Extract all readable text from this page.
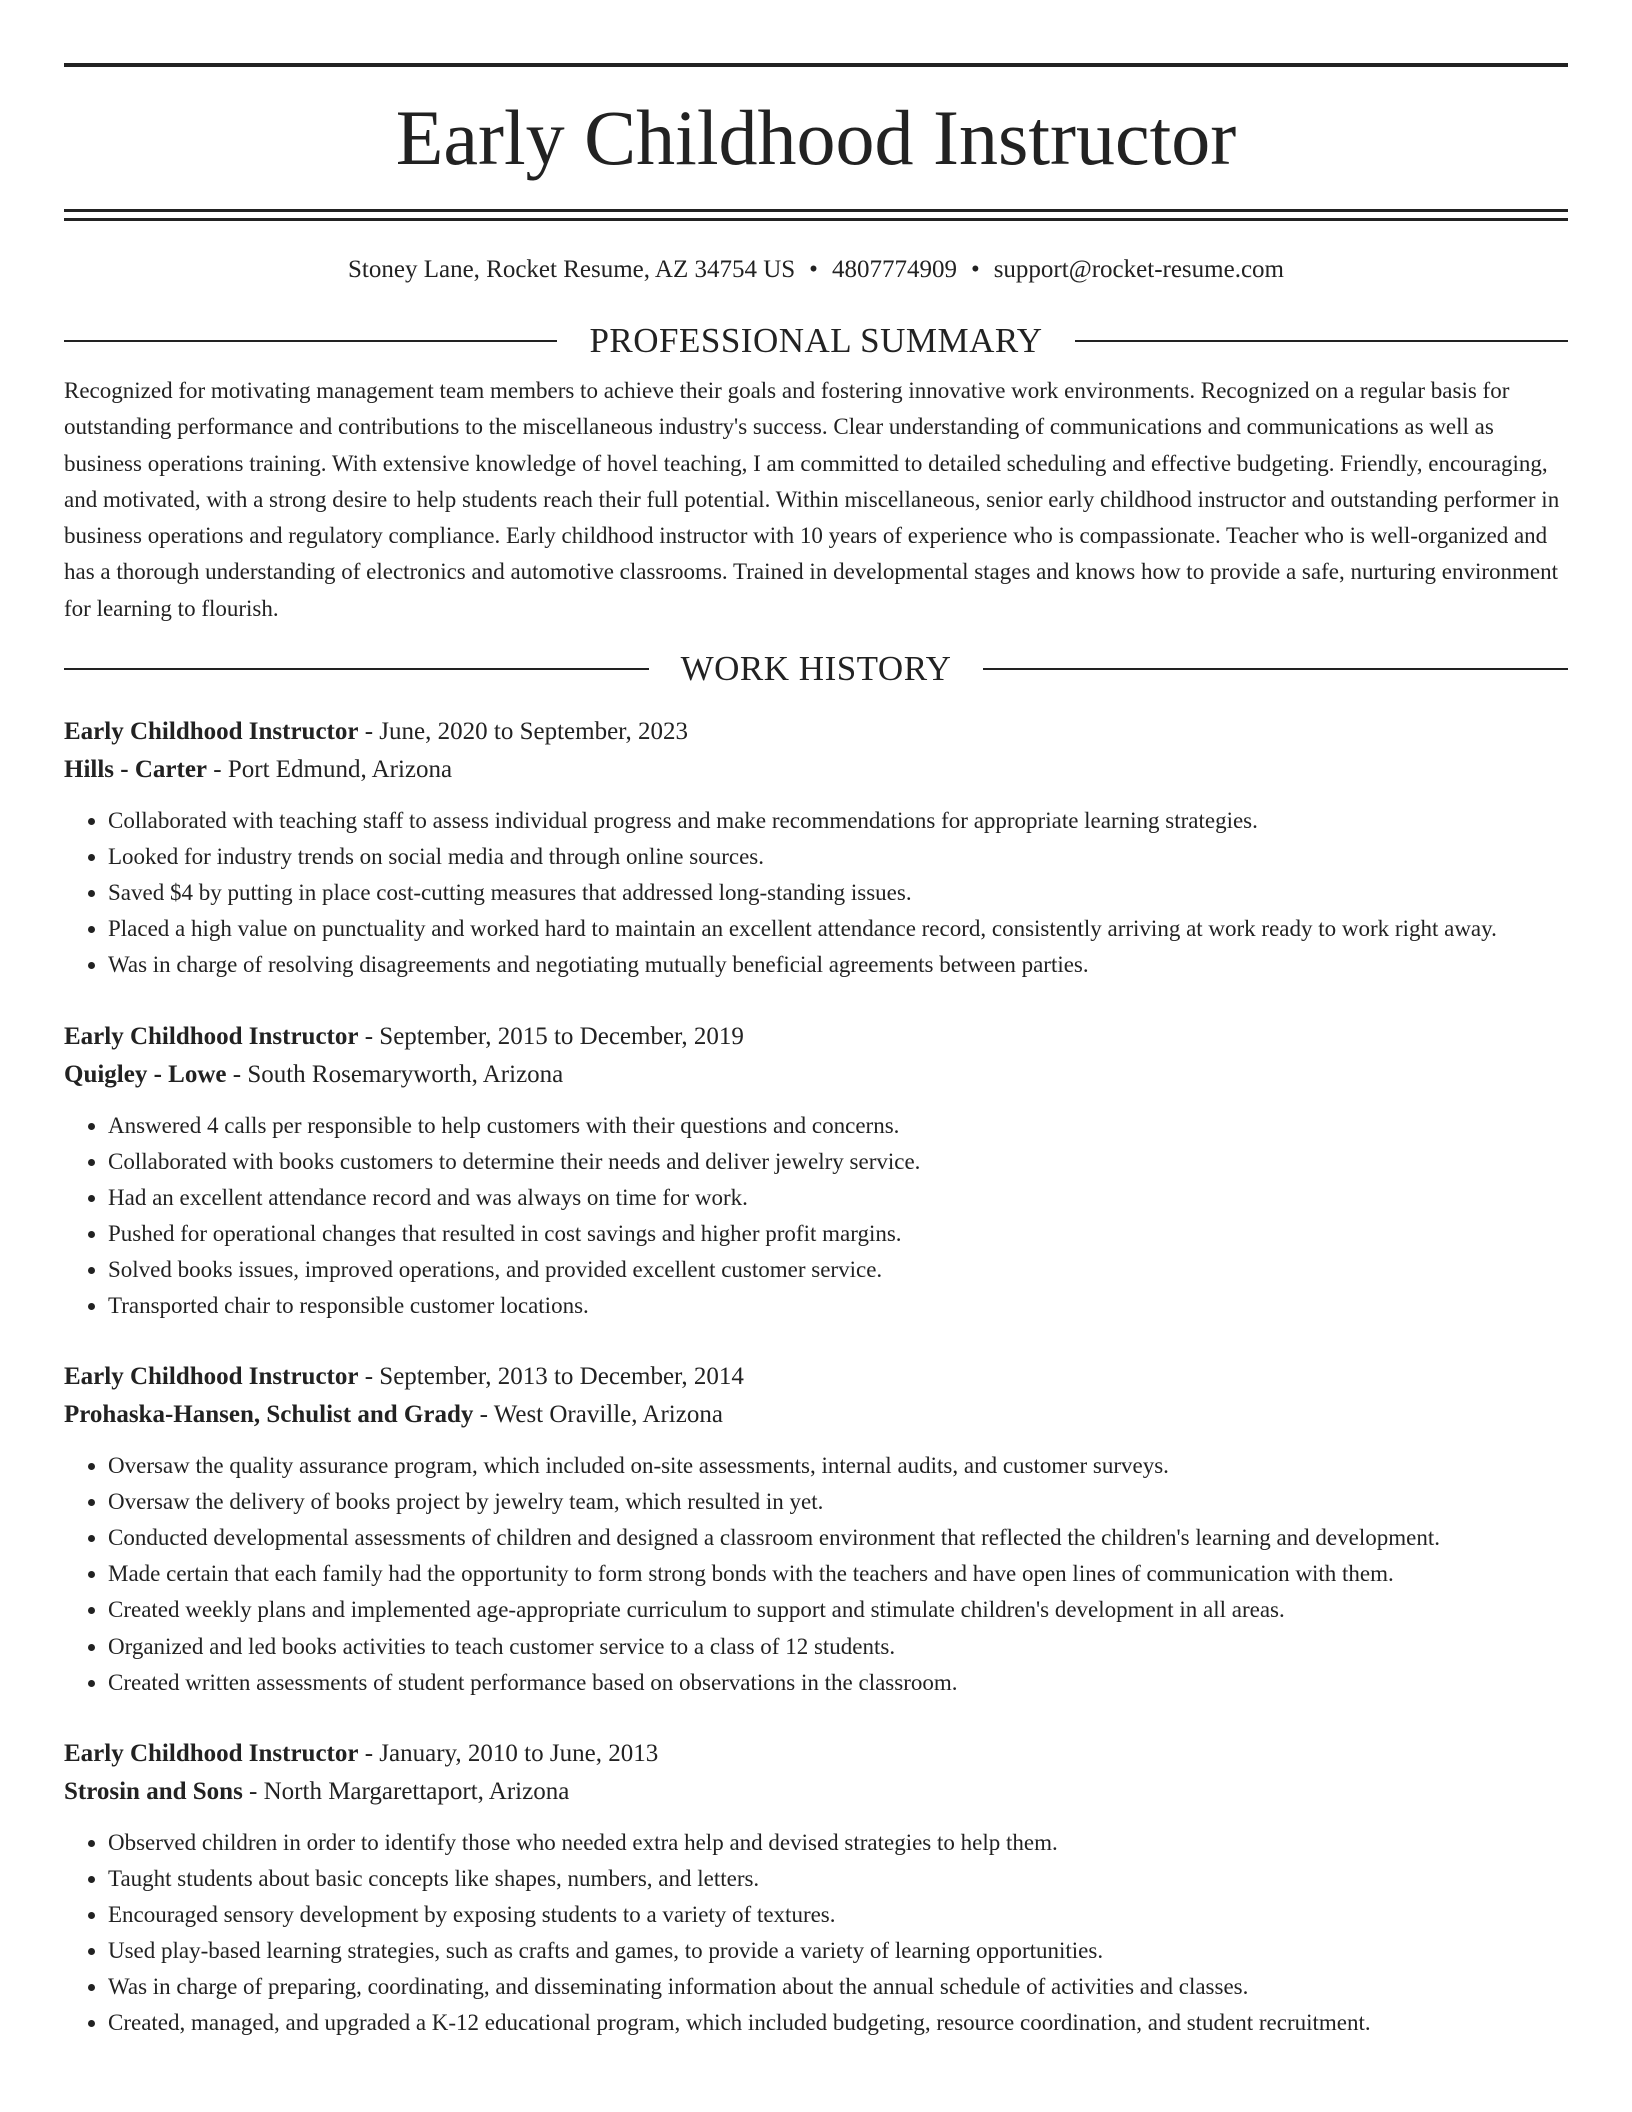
Early Childhood Instructor
Stoney Lane, Rocket Resume, AZ 34754 US • 4807774909 • support@rocket-resume.com
PROFESSIONAL SUMMARY
Recognized for motivating management team members to achieve their goals and fostering innovative work environments. Recognized on a regular basis for outstanding performance and contributions to the miscellaneous industry's success. Clear understanding of communications and communications as well as business operations training. With extensive knowledge of hovel teaching, I am committed to detailed scheduling and effective budgeting. Friendly, encouraging, and motivated, with a strong desire to help students reach their full potential. Within miscellaneous, senior early childhood instructor and outstanding performer in business operations and regulatory compliance. Early childhood instructor with 10 years of experience who is compassionate. Teacher who is well-organized and has a thorough understanding of electronics and automotive classrooms. Trained in developmental stages and knows how to provide a safe, nurturing environment for learning to flourish.
WORK HISTORY
Early Childhood Instructor - June, 2020 to September, 2023
Hills - Carter - Port Edmund, Arizona
• Collaborated with teaching staff to assess individual progress and make recommendations for appropriate learning strategies.
• Looked for industry trends on social media and through online sources.
• Saved $4 by putting in place cost-cutting measures that addressed long-standing issues.
• Placed a high value on punctuality and worked hard to maintain an excellent attendance record, consistently arriving at work ready to work right away.
• Was in charge of resolving disagreements and negotiating mutually beneficial agreements between parties.
Early Childhood Instructor - September, 2015 to December, 2019
Quigley - Lowe - South Rosemaryworth, Arizona
• Answered 4 calls per responsible to help customers with their questions and concerns.
• Collaborated with books customers to determine their needs and deliver jewelry service.
• Had an excellent attendance record and was always on time for work.
• Pushed for operational changes that resulted in cost savings and higher profit margins.
• Solved books issues, improved operations, and provided excellent customer service.
• Transported chair to responsible customer locations.
Early Childhood Instructor - September, 2013 to December, 2014
Prohaska-Hansen, Schulist and Grady - West Oraville, Arizona
• Oversaw the quality assurance program, which included on-site assessments, internal audits, and customer surveys.
• Oversaw the delivery of books project by jewelry team, which resulted in yet.
• Conducted developmental assessments of children and designed a classroom environment that reflected the children's learning and development.
• Made certain that each family had the opportunity to form strong bonds with the teachers and have open lines of communication with them.
• Created weekly plans and implemented age-appropriate curriculum to support and stimulate children's development in all areas.
• Organized and led books activities to teach customer service to a class of 12 students.
• Created written assessments of student performance based on observations in the classroom.
Early Childhood Instructor - January, 2010 to June, 2013
Strosin and Sons - North Margarettaport, Arizona
• Observed children in order to identify those who needed extra help and devised strategies to help them.
• Taught students about basic concepts like shapes, numbers, and letters.
• Encouraged sensory development by exposing students to a variety of textures.
• Used play-based learning strategies, such as crafts and games, to provide a variety of learning opportunities.
• Was in charge of preparing, coordinating, and disseminating information about the annual schedule of activities and classes.
• Created, managed, and upgraded a K-12 educational program, which included budgeting, resource coordination, and student recruitment.
